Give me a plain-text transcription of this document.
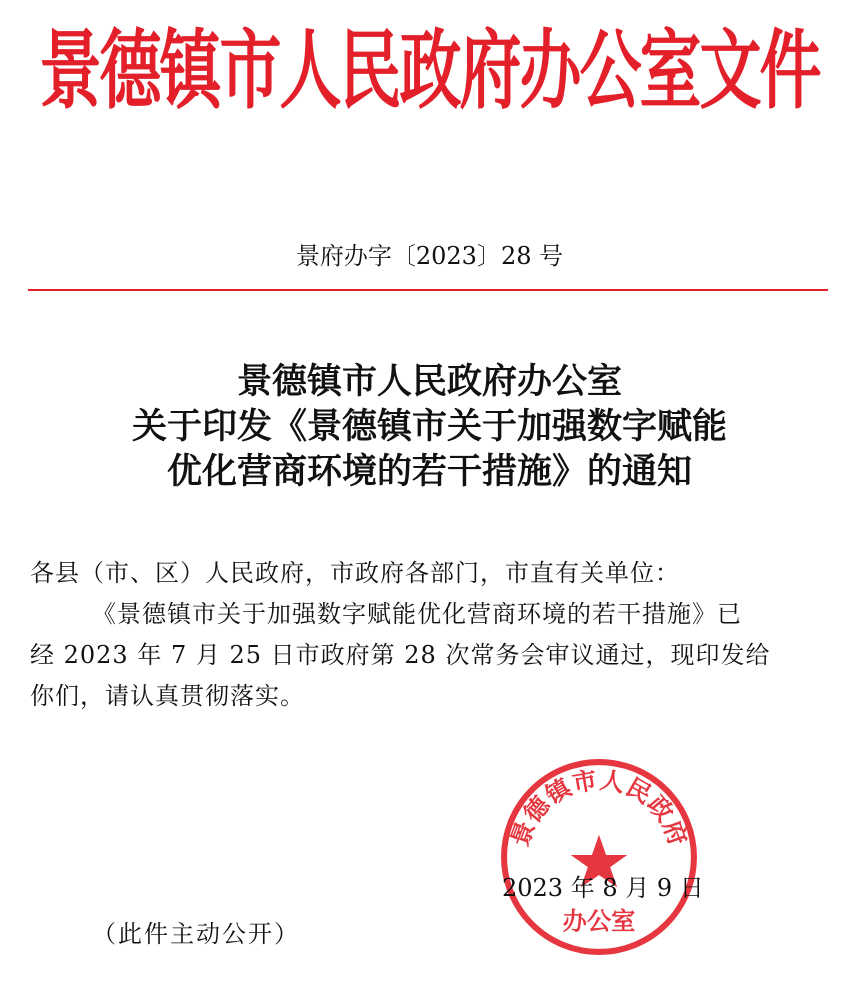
景德镇市人民政府办公室文件
景府办字〔2023〕28 号
景德镇市人民政府办公室
关于印发《景德镇市关于加强数字赋能
优化营商环境的若干措施》的通知
各县（市、区）人民政府，市政府各部门，市直有关单位：
《景德镇市关于加强数字赋能优化营商环境的若干措施》已
经 2023 年 7 月 25 日市政府第 28 次常务会审议通过，现印发给
你们，请认真贯彻落实。
景德镇市人民政府
办公室
2023 年 8 月 9 日
（此件主动公开）
